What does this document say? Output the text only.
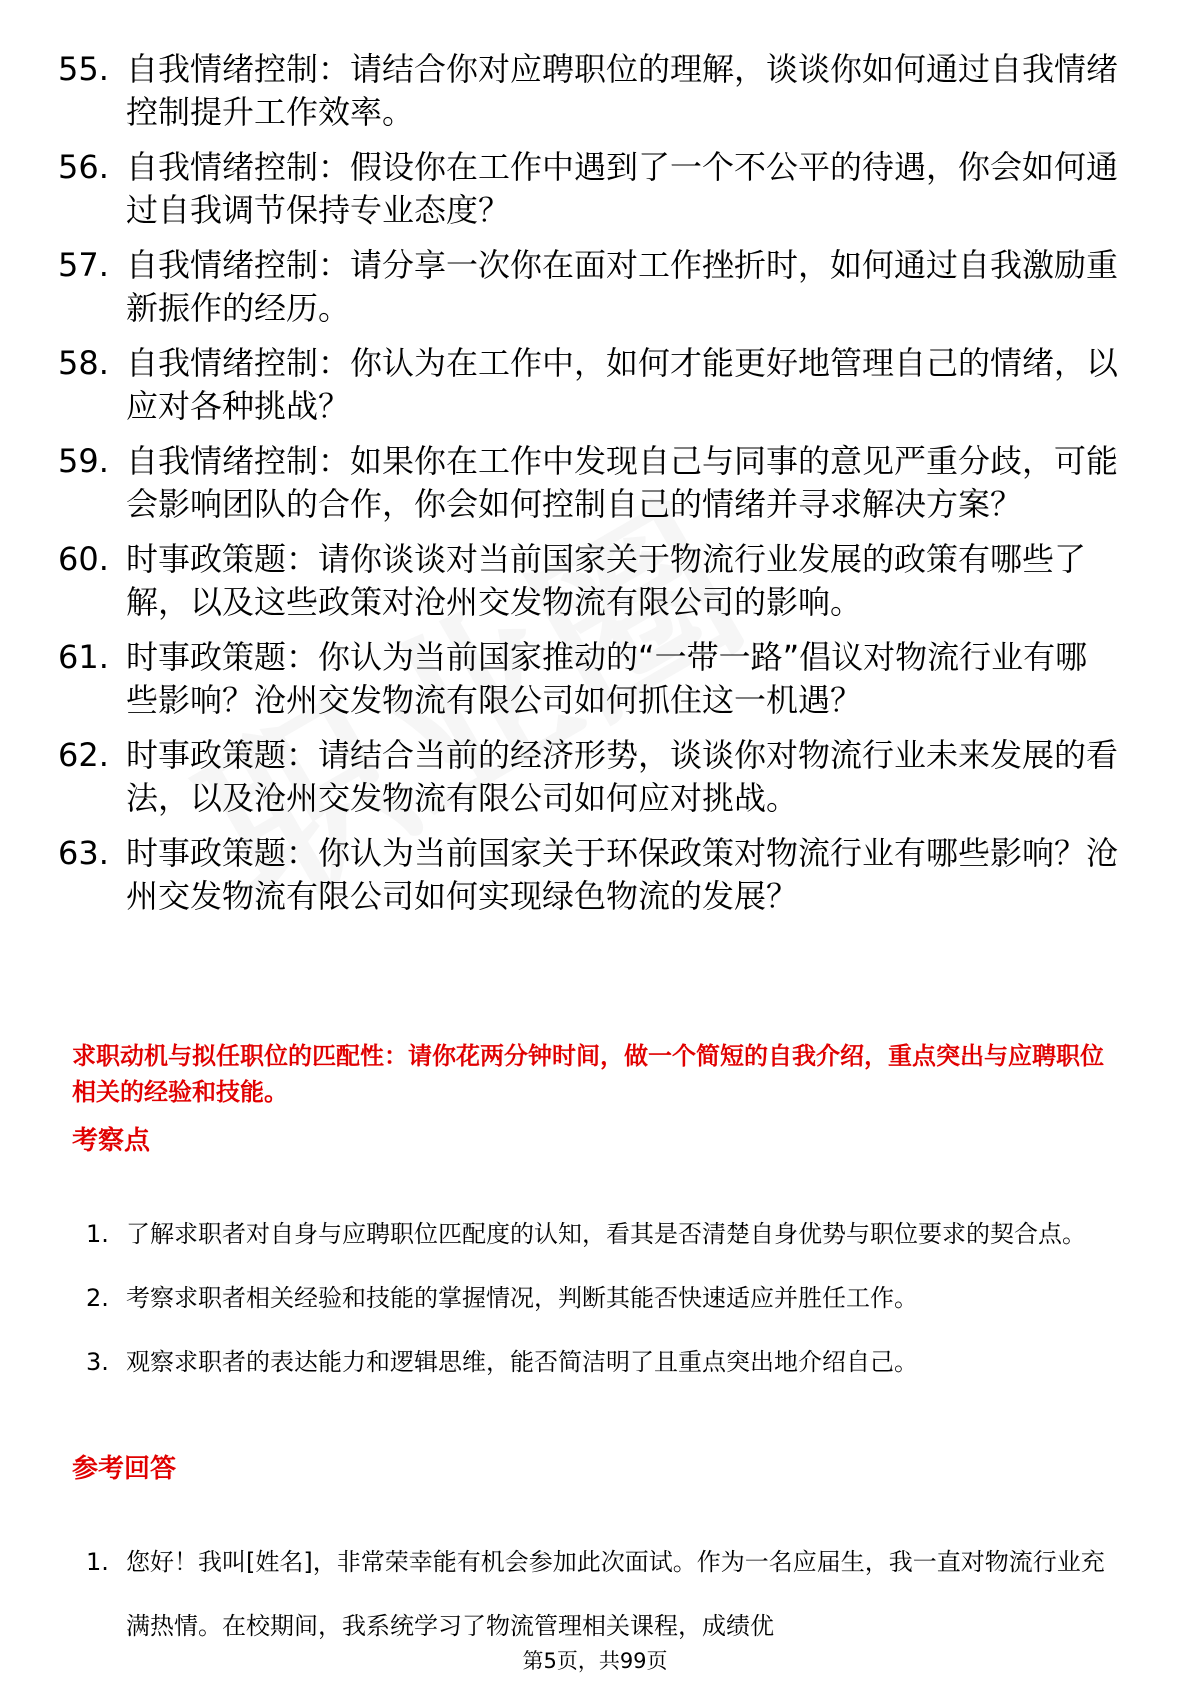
55. 自我情绪控制：请结合你对应聘职位的理解，谈谈你如何通过自我情绪控制提升工作效率。
56. 自我情绪控制：假设你在工作中遇到了一个不公平的待遇，你会如何通过自我调节保持专业态度？
57. 自我情绪控制：请分享一次你在面对工作挫折时，如何通过自我激励重新振作的经历。
58. 自我情绪控制：你认为在工作中，如何才能更好地管理自己的情绪，以应对各种挑战？
59. 自我情绪控制：如果你在工作中发现自己与同事的意见严重分歧，可能会影响团队的合作，你会如何控制自己的情绪并寻求解决方案？
60. 时事政策题：请你谈谈对当前国家关于物流行业发展的政策有哪些了解，以及这些政策对沧州交发物流有限公司的影响。
61. 时事政策题：你认为当前国家推动的“一带一路”倡议对物流行业有哪些影响？沧州交发物流有限公司如何抓住这一机遇？
62. 时事政策题：请结合当前的经济形势，谈谈你对物流行业未来发展的看法，以及沧州交发物流有限公司如何应对挑战。
63. 时事政策题：你认为当前国家关于环保政策对物流行业有哪些影响？沧州交发物流有限公司如何实现绿色物流的发展？
求职动机与拟任职位的匹配性：请你花两分钟时间，做一个简短的自我介绍，重点突出与应聘职位相关的经验和技能。
考察点
1. 了解求职者对自身与应聘职位匹配度的认知，看其是否清楚自身优势与职位要求的契合点。
2. 考察求职者相关经验和技能的掌握情况，判断其能否快速适应并胜任工作。
3. 观察求职者的表达能力和逻辑思维，能否简洁明了且重点突出地介绍自己。
参考回答
1. 您好！我叫[姓名]，非常荣幸能有机会参加此次面试。作为一名应届生，我一直对物流行业充满热情。在校期间，我系统学习了物流管理相关课程，成绩优
第5页，共99页
